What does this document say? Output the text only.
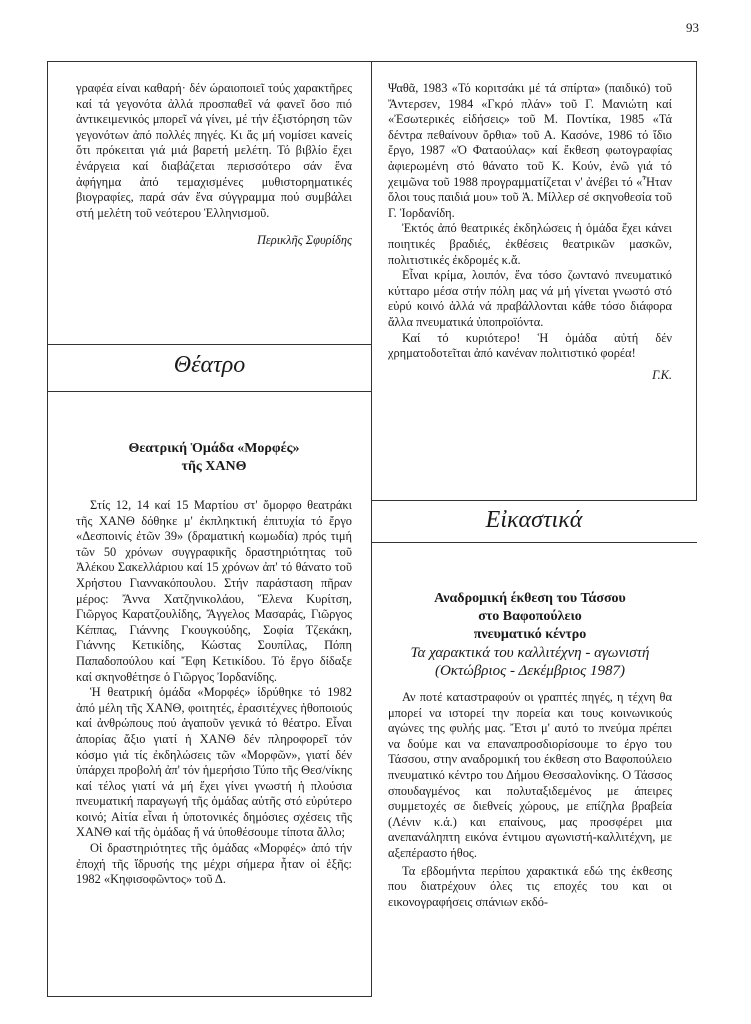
93

γραφέα είναι καθαρή· δέν ώραιοποιεῖ τούς χαρακτῆρες καί τά γεγονότα ἀλλά προσπαθεῖ νά φανεῖ ὅσο πιό ἀντικειμενικός μπορεῖ νά γίνει, μέ τήν ἐξιστόρηση τῶν γεγονότων ἀπό πολλές πηγές. Κι ἄς μή νομίσει κανείς ὅτι πρόκειται γιά μιά βαρετή μελέτη. Τό βιβλίο ἔχει ἐνάργεια καί διαβάζεται περισσότερο σάν ἕνα ἀφήγημα ἀπό τεμαχισμένες μυθιστορηματικές βιογραφίες, παρά σάν ἕνα σύγγραμμα πού συμβάλει στή μελέτη τοῦ νεότερου Ἑλληνισμοῦ.

Περικλῆς Σφυρίδης
Θέατρο
Θεατρική Ὁμάδα «Μορφές»
τῆς ΧΑΝΘ

Στίς 12, 14 καί 15 Μαρτίου στ' ὄμορφο θεατράκι τῆς ΧΑΝΘ δόθηκε μ' ἐκπληκτική ἐπιτυχία τό ἔργο «Δεσποινίς ἐτῶν 39» (δραματική κωμωδία) πρός τιμή τῶν 50 χρόνων συγγραφικῆς δραστηριότητας τοῦ Ἀλέκου Σακελλάριου καί 15 χρόνων ἀπ' τό θάνατο τοῦ Χρήστου Γιαννακόπουλου. Στήν παράσταση πῆραν μέρος: Ἄννα Χατζηνικολάου, Ἕλενα Κυρίτση, Γιῶργος Καρατζουλίδης, Ἄγγελος Μασαράς, Γιῶργος Κέππας, Γιάννης Γκουγκούδης, Σοφία Τζεκάκη, Γιάννης Κετικίδης, Κώστας Σουπίλας, Πόπη Παπαδοπούλου καί Ἔφη Κετικίδου. Τό ἔργο δίδαξε καί σκηνοθέτησε ὁ Γιῶργος Ἰορδανίδης.

Ἡ θεατρική ὁμάδα «Μορφές» ἱδρύθηκε τό 1982 ἀπό μέλη τῆς ΧΑΝΘ, φοιτητές, ἐρασιτέχνες ἠθοποιούς καί ἀνθρώπους πού ἀγαποῦν γενικά τό θέατρο. Εἶναι ἀπορίας ἄξιο γιατί ἡ ΧΑΝΘ δέν πληροφορεῖ τόν κόσμο γιά τίς ἐκδηλώσεις τῶν «Μορφῶν», γιατί δέν ὑπάρχει προβολή ἀπ' τόν ἡμερήσιο Τύπο τῆς Θεσ/νίκης καί τέλος γιατί νά μή ἔχει γίνει γνωστή ἡ πλούσια πνευματική παραγωγή τῆς ὁμάδας αὐτῆς στό εὐρύτερο κοινό; Αἰτία εἶναι ἡ ὑποτονικές δημόσιες σχέσεις τῆς ΧΑΝΘ καί τῆς ὁμάδας ἤ νά ὑποθέσουμε τίποτα ἄλλο;

Οἱ δραστηριότητες τῆς ὁμάδας «Μορφές» ἀπό τήν ἐποχή τῆς ἵδρυσής της μέχρι σήμερα ἦταν οἱ ἑξῆς: 1982 «Κηφισοφῶντος» τοῦ Δ.

Ψαθᾶ, 1983 «Τό κοριτσάκι μέ τά σπίρτα» (παιδικό) τοῦ Ἄντερσεν, 1984 «Γκρό πλάν» τοῦ Γ. Μανιώτη καί «Ἐσωτερικές εἰδήσεις» τοῦ Μ. Ποντίκα, 1985 «Τά δέντρα πεθαίνουν ὄρθια» τοῦ Α. Κασόνε, 1986 τό ἴδιο ἔργο, 1987 «Ὁ Φαταούλας» καί ἔκθεση φωτογραφίας ἀφιερωμένη στό θάνατο τοῦ Κ. Κούν, ἐνῶ γιά τό χειμῶνα τοῦ 1988 προγραμματίζεται ν' ἀνέβει τό «Ἦταν ὅλοι τους παιδιά μου» τοῦ Ἀ. Μίλλερ σέ σκηνοθεσία τοῦ Γ. Ἰορδανίδη.

Ἐκτός ἀπό θεατρικές ἐκδηλώσεις ἡ ὁμάδα ἔχει κάνει ποιητικές βραδιές, ἐκθέσεις θεατρικῶν μασκῶν, πολιτιστικές ἐκδρομές κ.ἄ.

Εἶναι κρίμα, λοιπόν, ἕνα τόσο ζωντανό πνευματικό κύτταρο μέσα στήν πόλη μας νά μή γίνεται γνωστό στό εὐρύ κοινό ἀλλά νά πραβάλλονται κάθε τόσο διάφορα ἄλλα πνευματικά ὑποπροϊόντα.

Καί τό κυριότερο! Ἡ ὁμάδα αὐτή δέν χρηματοδοτεῖται ἀπό κανέναν πολιτιστικό φορέα!

Γ.Κ.
Εἰκαστικά
Αναδρομική έκθεση του Τάσσου
στο Βαφοπούλειο
πνευματικό κέντρο
Τα χαρακτικά του καλλιτέχνη - αγωνιστή (Οκτώβριος - Δεκέμβριος 1987)

Αν ποτέ καταστραφούν οι γραπτές πηγές, η τέχνη θα μπορεί να ιστορεί την πορεία και τους κοινωνικούς αγώνες της φυλής μας. Ἔτσι μ' αυτό το πνεύμα πρέπει να δούμε και να επαναπροσδιορίσουμε το έργο του Τάσσου, στην αναδρομική του έκθεση στο Βαφοπούλειο πνευματικό κέντρο του Δήμου Θεσσαλονίκης. Ο Τάσσος σπουδαγμένος και πολυταξιδεμένος με άπειρες συμμετοχές σε διεθνείς χώρους, με επίζηλα βραβεία (Λένιν κ.ά.) και επαίνους, μας προσφέρει μια ανεπανάληπτη εικόνα έντιμου αγωνιστή-καλλιτέχνη, με αξεπέραστο ήθος.

Τα εβδομήντα περίπου χαρακτικά εδώ της έκθεσης που διατρέχουν όλες τις εποχές του και οι εικονογραφήσεις σπάνιων εκδό-
